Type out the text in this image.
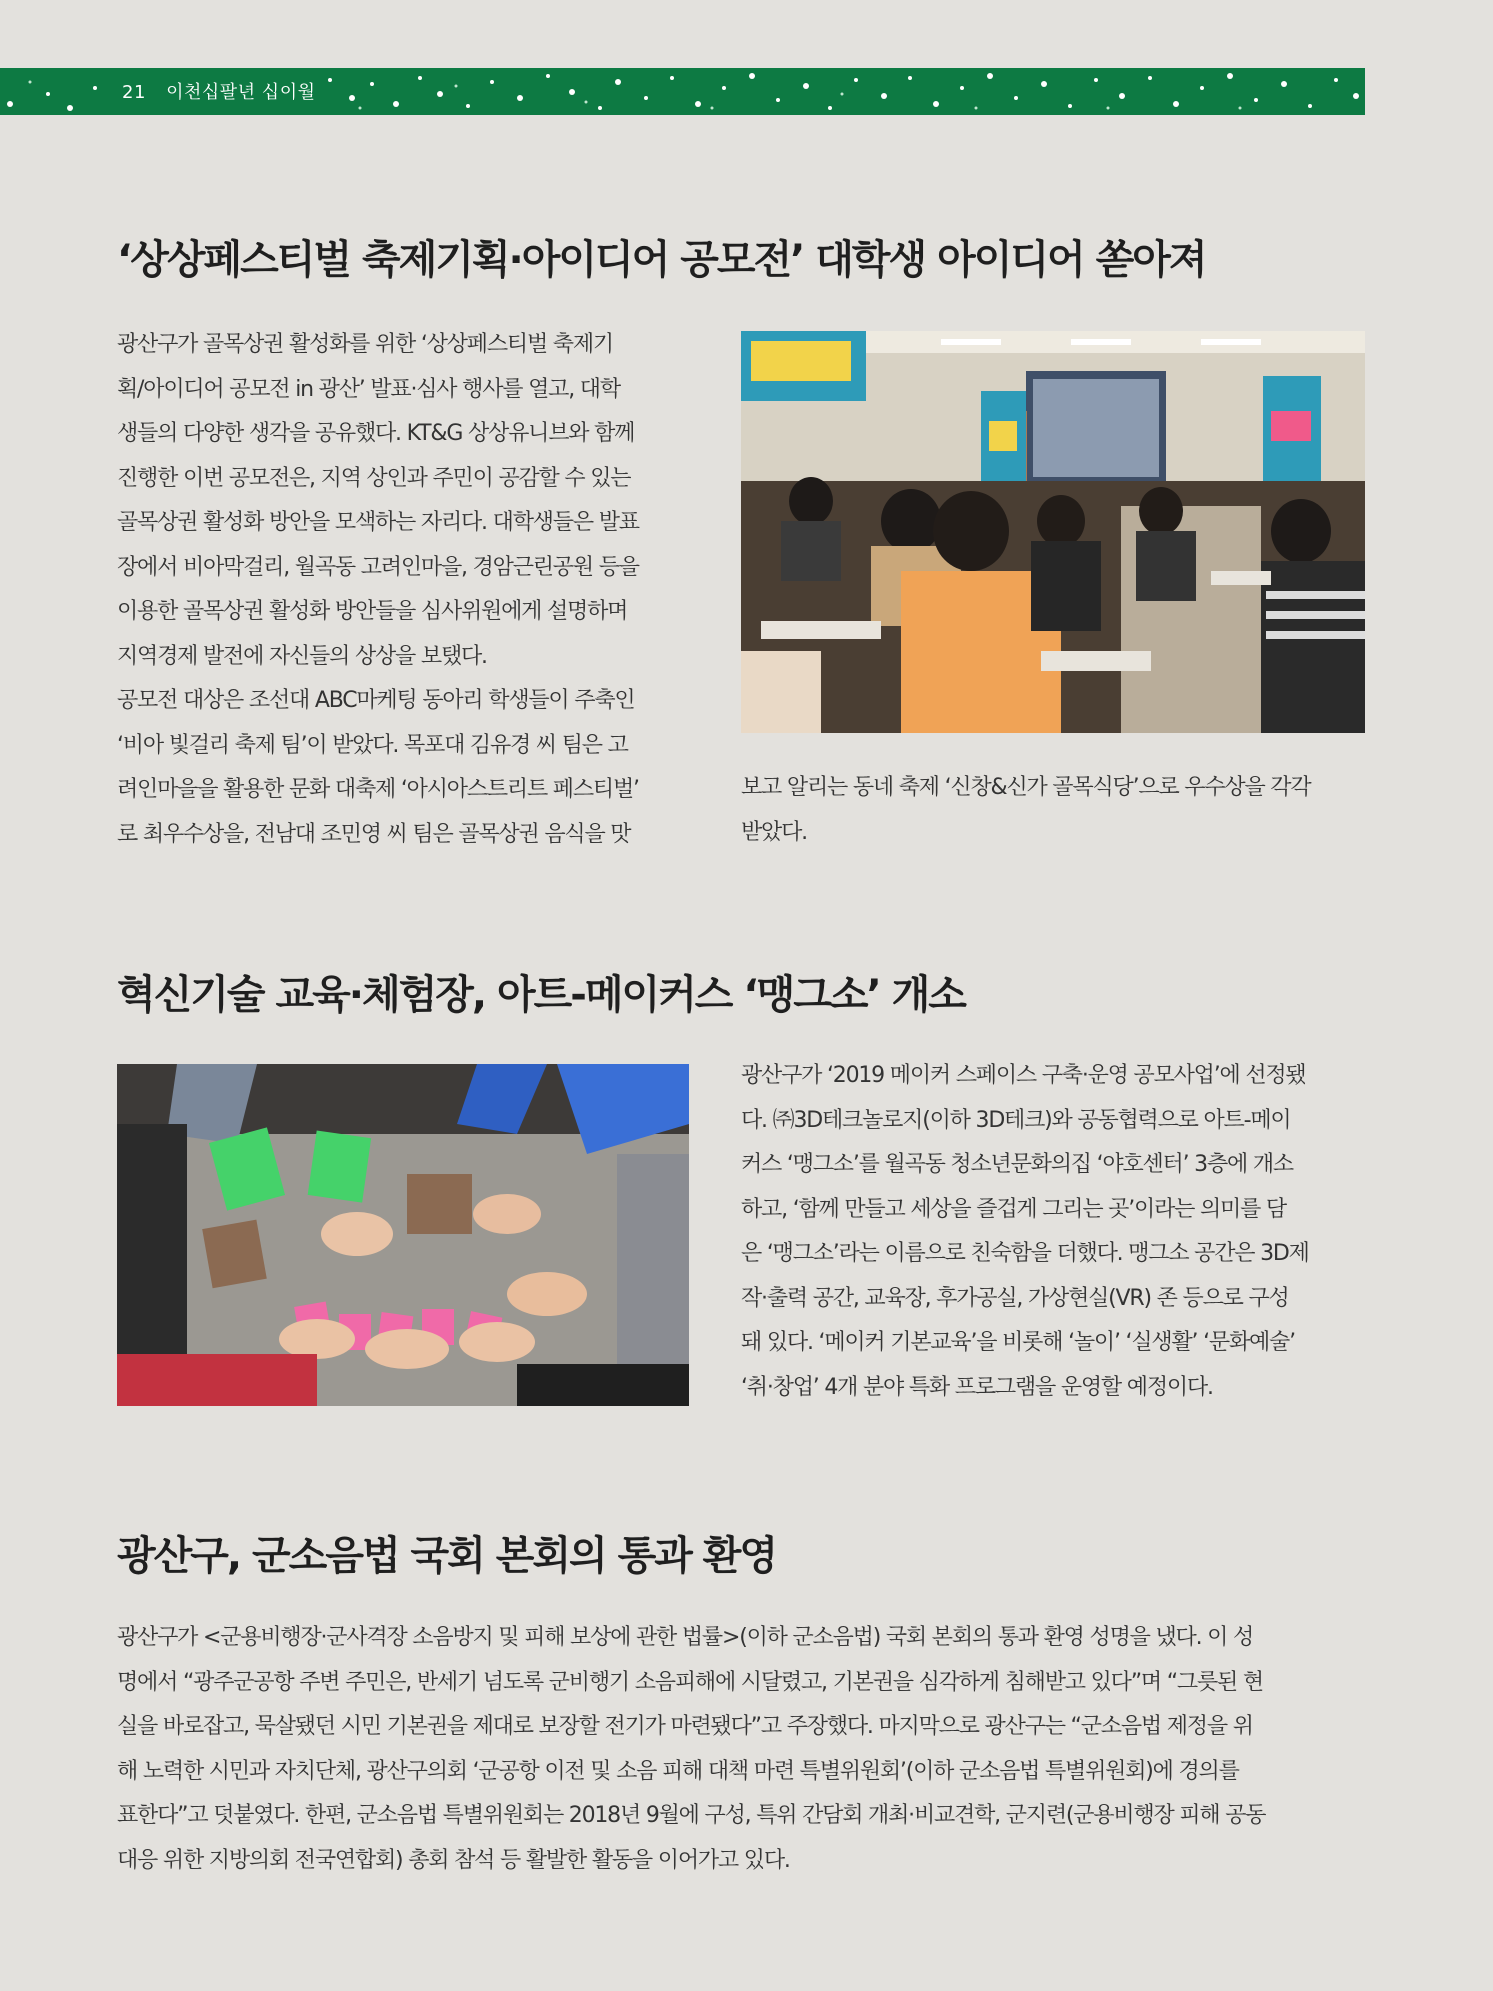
21 이천십팔년 십이월
‘상상페스티벌 축제기획·아이디어 공모전’ 대학생 아이디어 쏟아져

광산구가 골목상권 활성화를 위한 ‘상상페스티벌 축제기

획/아이디어 공모전 in 광산’ 발표·심사 행사를 열고, 대학

생들의 다양한 생각을 공유했다. KT&G 상상유니브와 함께

진행한 이번 공모전은, 지역 상인과 주민이 공감할 수 있는

골목상권 활성화 방안을 모색하는 자리다. 대학생들은 발표

장에서 비아막걸리, 월곡동 고려인마을, 경암근린공원 등을

이용한 골목상권 활성화 방안들을 심사위원에게 설명하며

지역경제 발전에 자신들의 상상을 보탰다.

공모전 대상은 조선대 ABC마케팅 동아리 학생들이 주축인

‘비아 빛걸리 축제 팀’이 받았다. 목포대 김유경 씨 팀은 고

려인마을을 활용한 문화 대축제 ‘아시아스트리트 페스티벌’

로 최우수상을, 전남대 조민영 씨 팀은 골목상권 음식을 맛

보고 알리는 동네 축제 ‘신창&신가 골목식당’으로 우수상을 각각

받았다.

혁신기술 교육·체험장, 아트-메이커스 ‘맹그소’ 개소

광산구가 ‘2019 메이커 스페이스 구축·운영 공모사업’에 선정됐

다. ㈜3D테크놀로지(이하 3D테크)와 공동협력으로 아트-메이

커스 ‘맹그소’를 월곡동 청소년문화의집 ‘야호센터’ 3층에 개소

하고, ‘함께 만들고 세상을 즐겁게 그리는 곳’이라는 의미를 담

은 ‘맹그소’라는 이름으로 친숙함을 더했다. 맹그소 공간은 3D제

작·출력 공간, 교육장, 후가공실, 가상현실(VR) 존 등으로 구성

돼 있다. ‘메이커 기본교육’을 비롯해 ‘놀이’ ‘실생활’ ‘문화예술’

‘취·창업’ 4개 분야 특화 프로그램을 운영할 예정이다.

광산구, 군소음법 국회 본회의 통과 환영

광산구가 <군용비행장·군사격장 소음방지 및 피해 보상에 관한 법률>(이하 군소음법) 국회 본회의 통과 환영 성명을 냈다. 이 성

명에서 “광주군공항 주변 주민은, 반세기 넘도록 군비행기 소음피해에 시달렸고, 기본권을 심각하게 침해받고 있다”며 “그릇된 현

실을 바로잡고, 묵살됐던 시민 기본권을 제대로 보장할 전기가 마련됐다”고 주장했다. 마지막으로 광산구는 “군소음법 제정을 위

해 노력한 시민과 자치단체, 광산구의회 ‘군공항 이전 및 소음 피해 대책 마련 특별위원회’(이하 군소음법 특별위원회)에 경의를

표한다”고 덧붙였다. 한편, 군소음법 특별위원회는 2018년 9월에 구성, 특위 간담회 개최·비교견학, 군지련(군용비행장 피해 공동

대응 위한 지방의회 전국연합회) 총회 참석 등 활발한 활동을 이어가고 있다.
